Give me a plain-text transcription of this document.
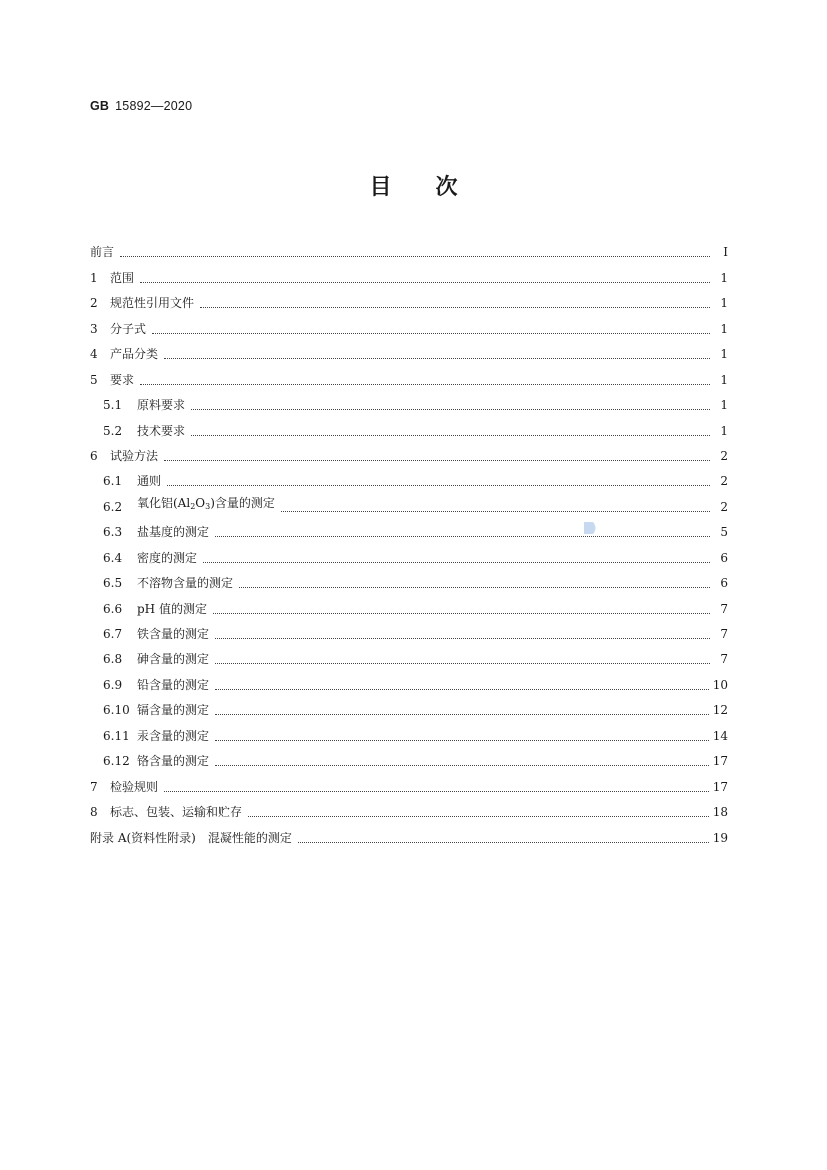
GB 15892—2020
目 次
前言	Ⅰ
1	范围	1
2	规范性引用文件	1
3	分子式	1
4	产品分类	1
5	要求	1
5.1	原料要求	1
5.2	技术要求	1
6	试验方法	2
6.1	通则	2
6.2	氧化铝(Al2O3)含量的测定	2
6.3	盐基度的测定	5
6.4	密度的测定	6
6.5	不溶物含量的测定	6
6.6	pH 值的测定	7
6.7	铁含量的测定	7
6.8	砷含量的测定	7
6.9	铅含量的测定	10
6.10 镉含量的测定	12
6.11 汞含量的测定	14
6.12 铬含量的测定	17
7	检验规则	17
8	标志、包装、运输和贮存	18
附录 A(资料性附录)　混凝性能的测定	19
